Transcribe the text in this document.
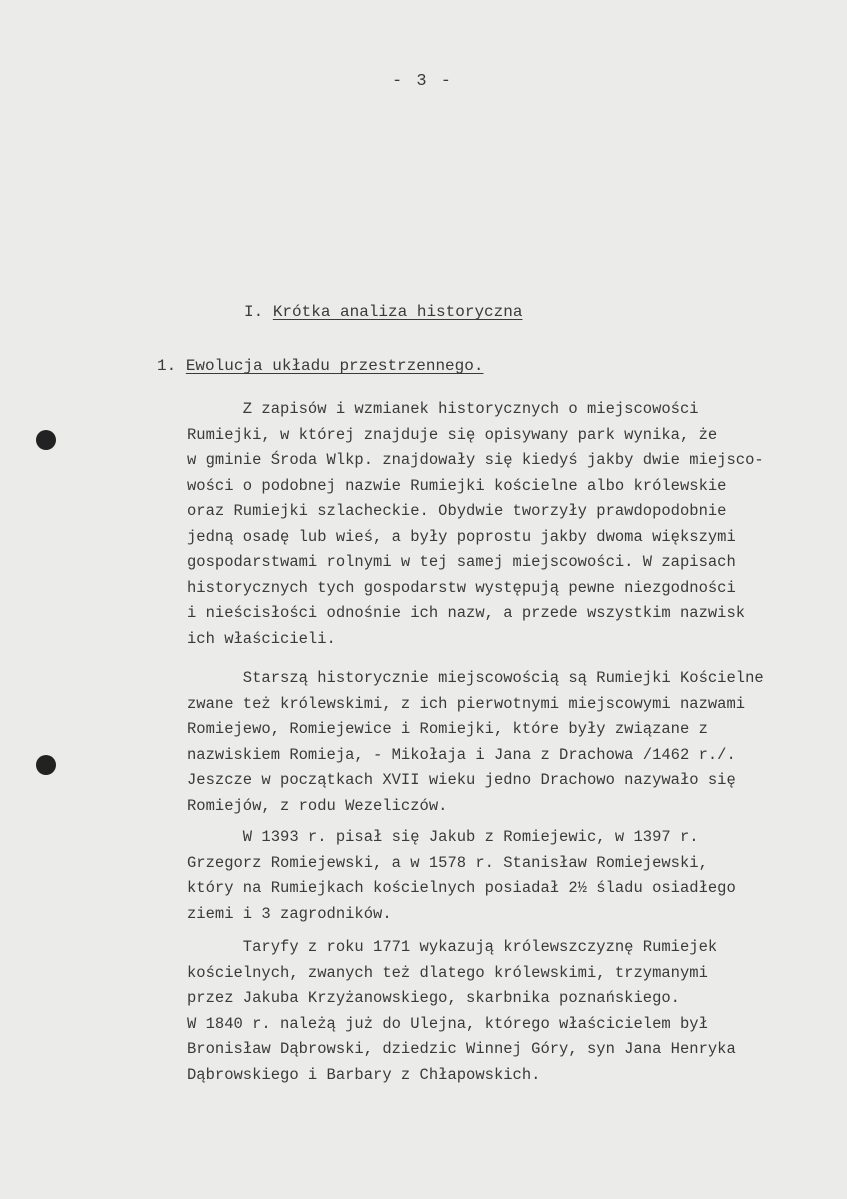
- 3 -
I. Krótka analiza historyczna
1. Ewolucja układu przestrzennego.
Z zapisów i wzmianek historycznych o miejscowości
Rumiejki, w której znajduje się opisywany park wynika, że
w gminie Środa Wlkp. znajdowały się kiedyś jakby dwie miejsco-
wości o podobnej nazwie Rumiejki kościelne albo królewskie
oraz Rumiejki szlacheckie. Obydwie tworzyły prawdopodobnie
jedną osadę lub wieś, a były poprostu jakby dwoma większymi
gospodarstwami rolnymi w tej samej miejscowości. W zapisach
historycznych tych gospodarstw występują pewne niezgodności
i nieścisłości odnośnie ich nazw, a przede wszystkim nazwisk
ich właścicieli.
Starszą historycznie miejscowością są Rumiejki Kościelne
zwane też królewskimi, z ich pierwotnymi miejscowymi nazwami
Romiejewo, Romiejewice i Romiejki, które były związane z
nazwiskiem Romieja, - Mikołaja i Jana z Drachowa /1462 r./.
Jeszcze w początkach XVII wieku jedno Drachowo nazywało się
Romiejów, z rodu Wezeliczów.
W 1393 r. pisał się Jakub z Romiejewic, w 1397 r.
Grzegorz Romiejewski, a w 1578 r. Stanisław Romiejewski,
który na Rumiejkach kościelnych posiadał 2½ śladu osiadłego
ziemi i 3 zagrodników.
Taryfy z roku 1771 wykazują królewszczyznę Rumiejek
kościelnych, zwanych też dlatego królewskimi, trzymanymi
przez Jakuba Krzyżanowskiego, skarbnika poznańskiego.
W 1840 r. należą już do Ulejna, którego właścicielem był
Bronisław Dąbrowski, dziedzic Winnej Góry, syn Jana Henryka
Dąbrowskiego i Barbary z Chłapowskich.
